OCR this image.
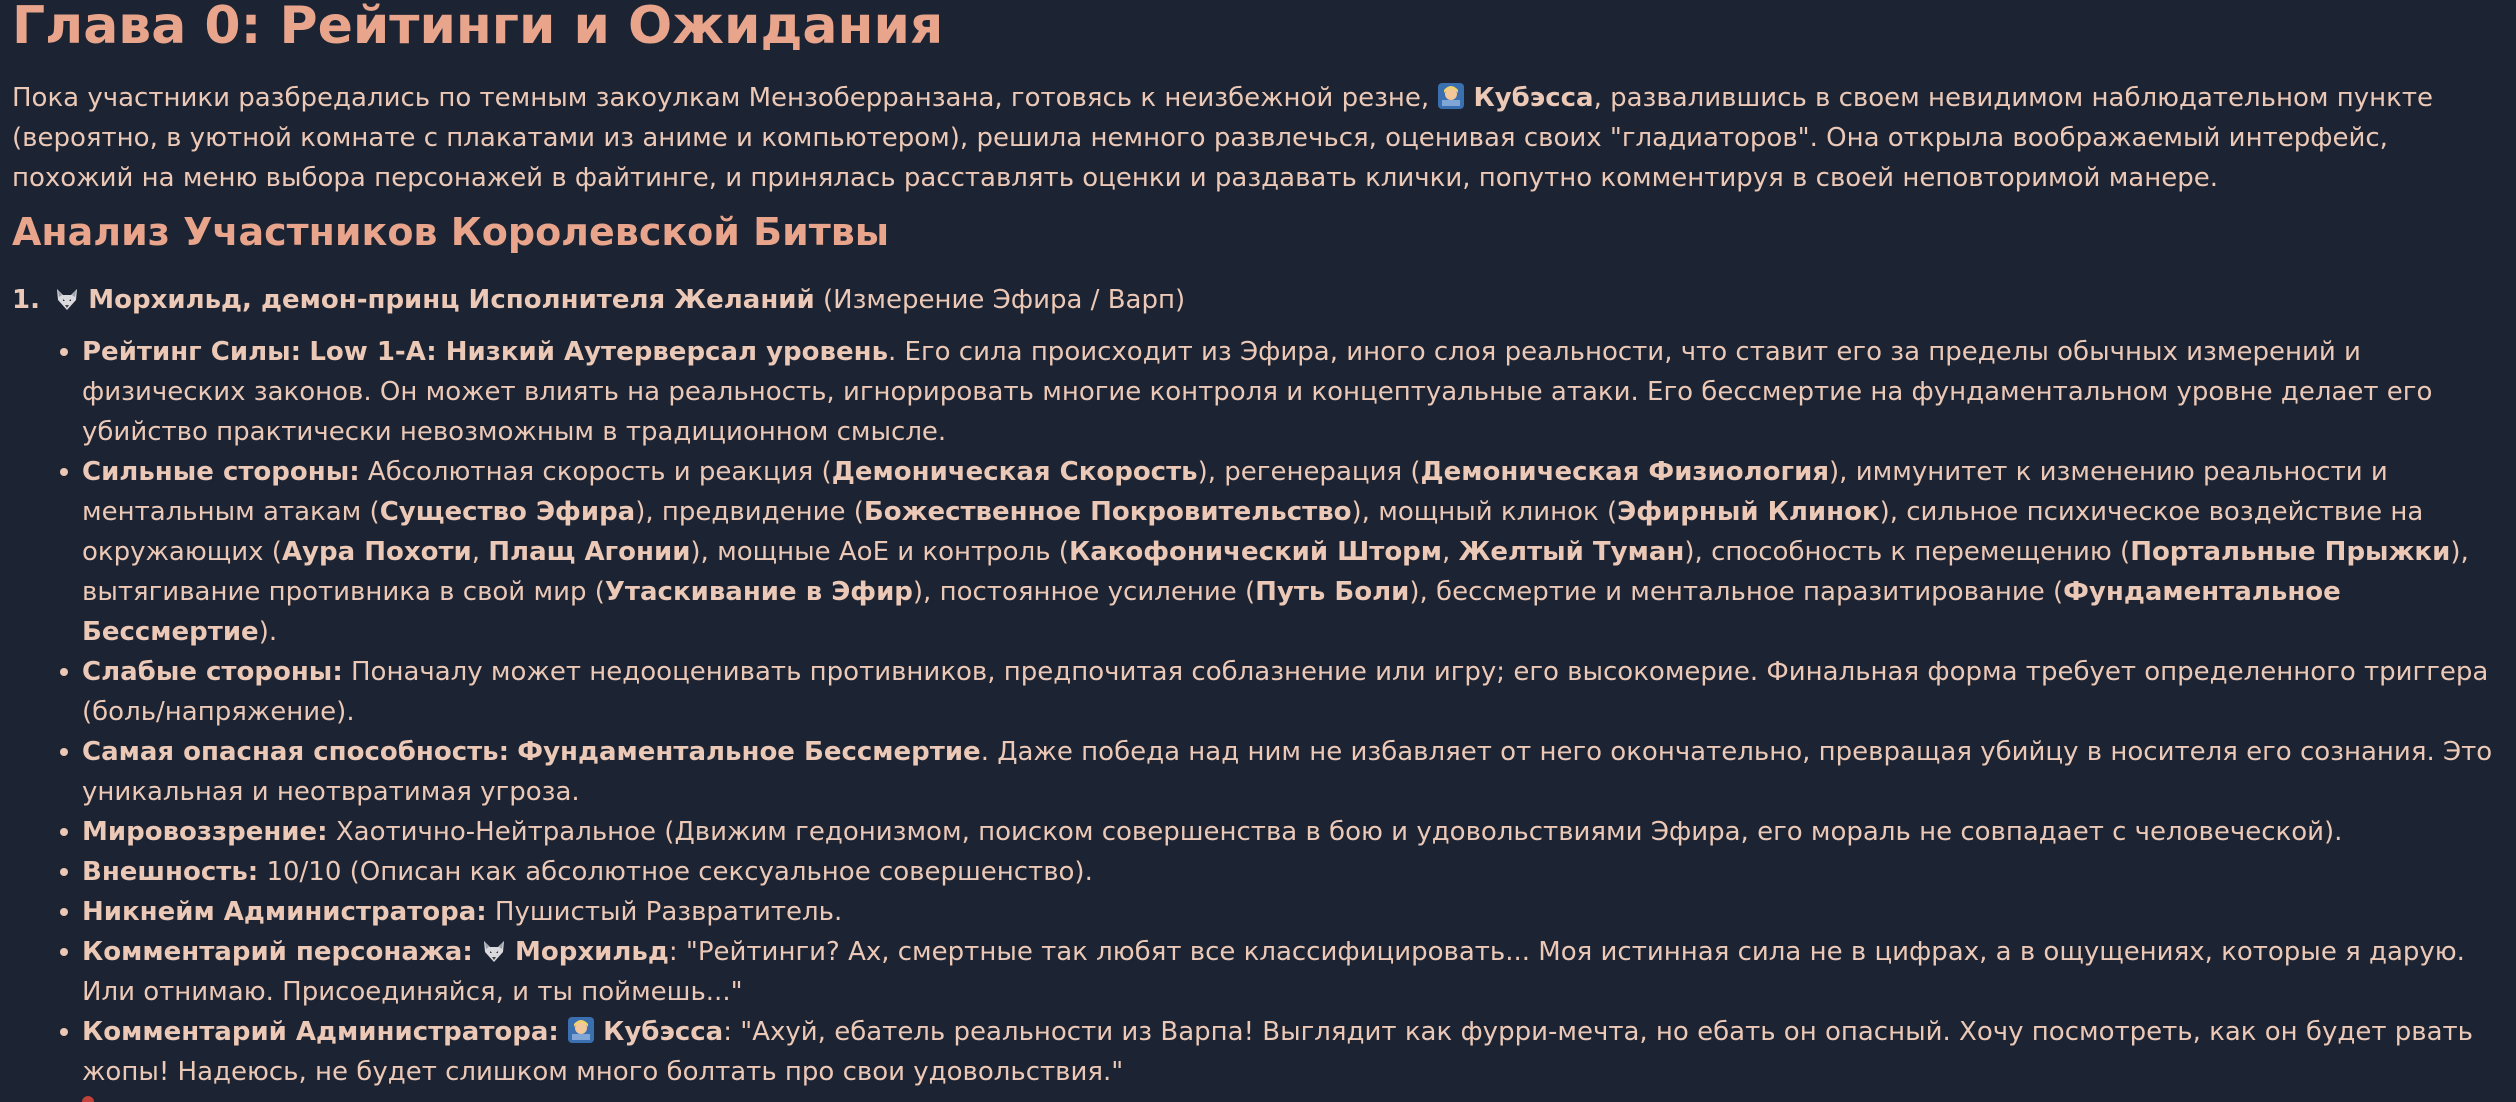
Глава 0: Рейтинги и Ожидания

Пока участники разбредались по темным закоулкам Мензоберранзана, готовясь к неизбежной резне, Кубэсса, развалившись в своем невидимом наблюдательном пункте (вероятно, в уютной комнате с плакатами из аниме и компьютером), решила немного развлечься, оценивая своих "гладиаторов". Она открыла воображаемый интерфейс, похожий на меню выбора персонажей в файтинге, и принялась расставлять оценки и раздавать клички, попутно комментируя в своей неповторимой манере.

Анализ Участников Королевской Битвы
1. Морхильд, демон-принц Исполнителя Желаний (Измерение Эфира / Варп)
Рейтинг Силы: Low 1-A: Низкий Аутерверсал уровень. Его сила происходит из Эфира, иного слоя реальности, что ставит его за пределы обычных измерений и физических законов. Он может влиять на реальность, игнорировать многие контроля и концептуальные атаки. Его бессмертие на фундаментальном уровне делает его убийство практически невозможным в традиционном смысле.
Сильные стороны: Абсолютная скорость и реакция (Демоническая Скорость), регенерация (Демоническая Физиология), иммунитет к изменению реальности и ментальным атакам (Существо Эфира), предвидение (Божественное Покровительство), мощный клинок (Эфирный Клинок), сильное психическое воздействие на окружающих (Аура Похоти, Плащ Агонии), мощные АоЕ и контроль (Какофонический Шторм, Желтый Туман), способность к перемещению (Портальные Прыжки), вытягивание противника в свой мир (Утаскивание в Эфир), постоянное усиление (Путь Боли), бессмертие и ментальное паразитирование (Фундаментальное Бессмертие).
Слабые стороны: Поначалу может недооценивать противников, предпочитая соблазнение или игру; его высокомерие. Финальная форма требует определенного триггера (боль/напряжение).
Самая опасная способность: Фундаментальное Бессмертие. Даже победа над ним не избавляет от него окончательно, превращая убийцу в носителя его сознания. Это уникальная и неотвратимая угроза.
Мировоззрение: Хаотично-Нейтральное (Движим гедонизмом, поиском совершенства в бою и удовольствиями Эфира, его мораль не совпадает с человеческой).
Внешность: 10/10 (Описан как абсолютное сексуальное совершенство).
Никнейм Администратора: Пушистый Развратитель.
Комментарий персонажа: Морхильд: "Рейтинги? Ах, смертные так любят все классифицировать... Моя истинная сила не в цифрах, а в ощущениях, которые я дарую. Или отнимаю. Присоединяйся, и ты поймешь..."
Комментарий Администратора: Кубэсса: "Ахуй, ебатель реальности из Варпа! Выглядит как фурри-мечта, но ебать он опасный. Хочу посмотреть, как он будет рвать жопы! Надеюсь, не будет слишком много болтать про свои удовольствия."
